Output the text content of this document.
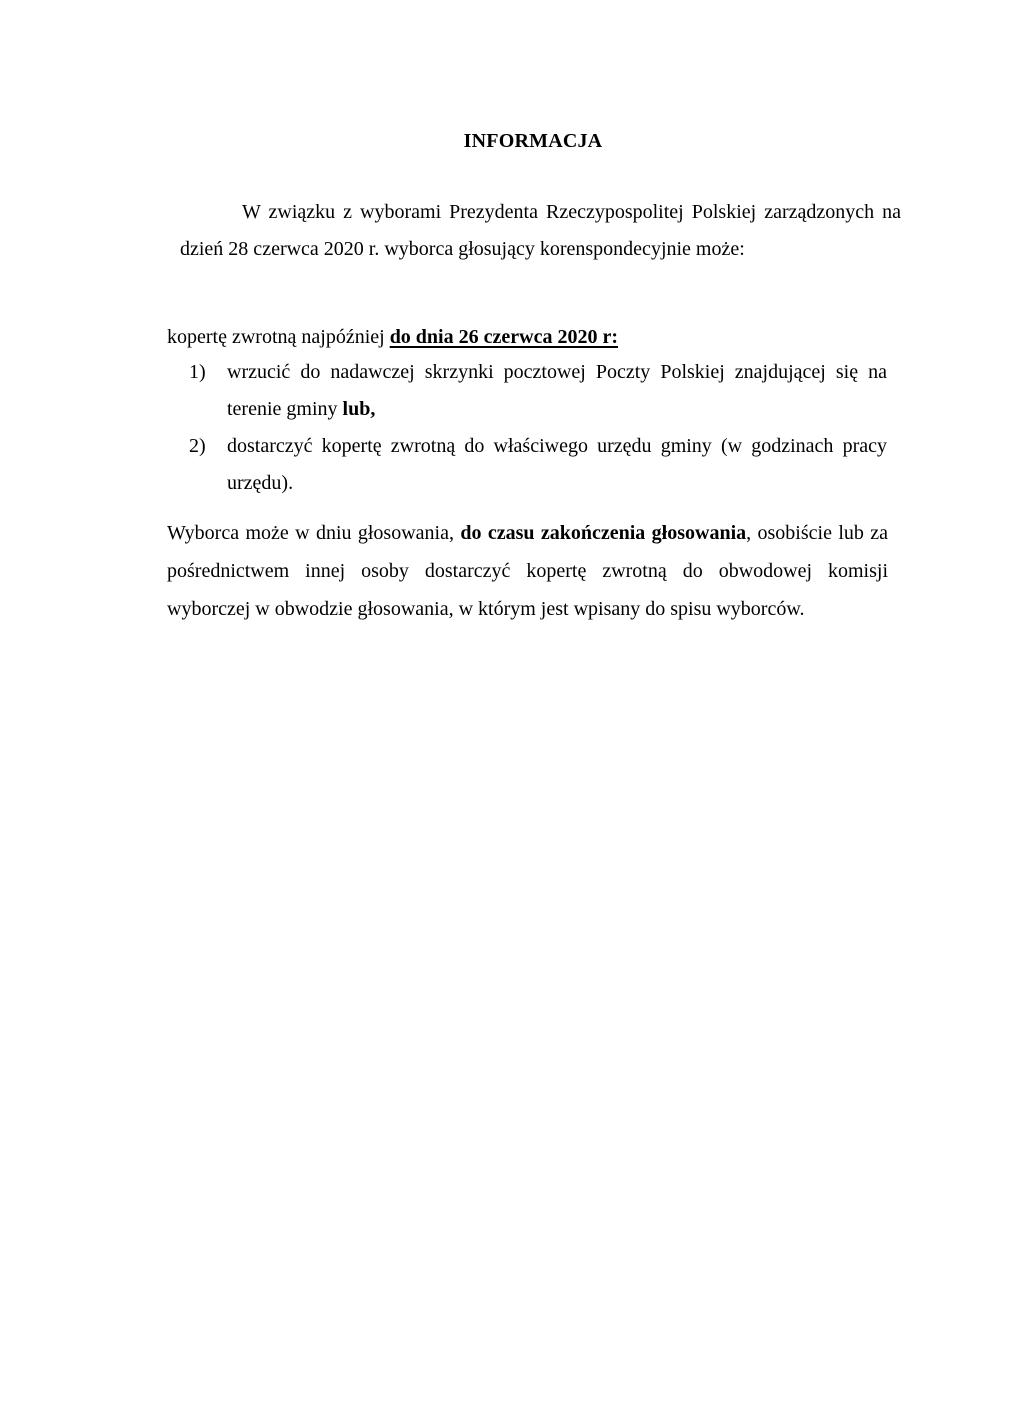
INFORMACJA
W związku z wyborami Prezydenta Rzeczypospolitej Polskiej zarządzonych na dzień 28 czerwca 2020 r. wyborca głosujący korenspondecyjnie może:
kopertę zwrotną najpóźniej do dnia 26 czerwca 2020 r:
1) wrzucić do nadawczej skrzynki pocztowej Poczty Polskiej znajdującej się na terenie gminy lub,
2) dostarczyć kopertę zwrotną do właściwego urzędu gminy (w godzinach pracy urzędu).
Wyborca może w dniu głosowania, do czasu zakończenia głosowania, osobiście lub za pośrednictwem innej osoby dostarczyć kopertę zwrotną do obwodowej komisji wyborczej w obwodzie głosowania, w którym jest wpisany do spisu wyborców.
